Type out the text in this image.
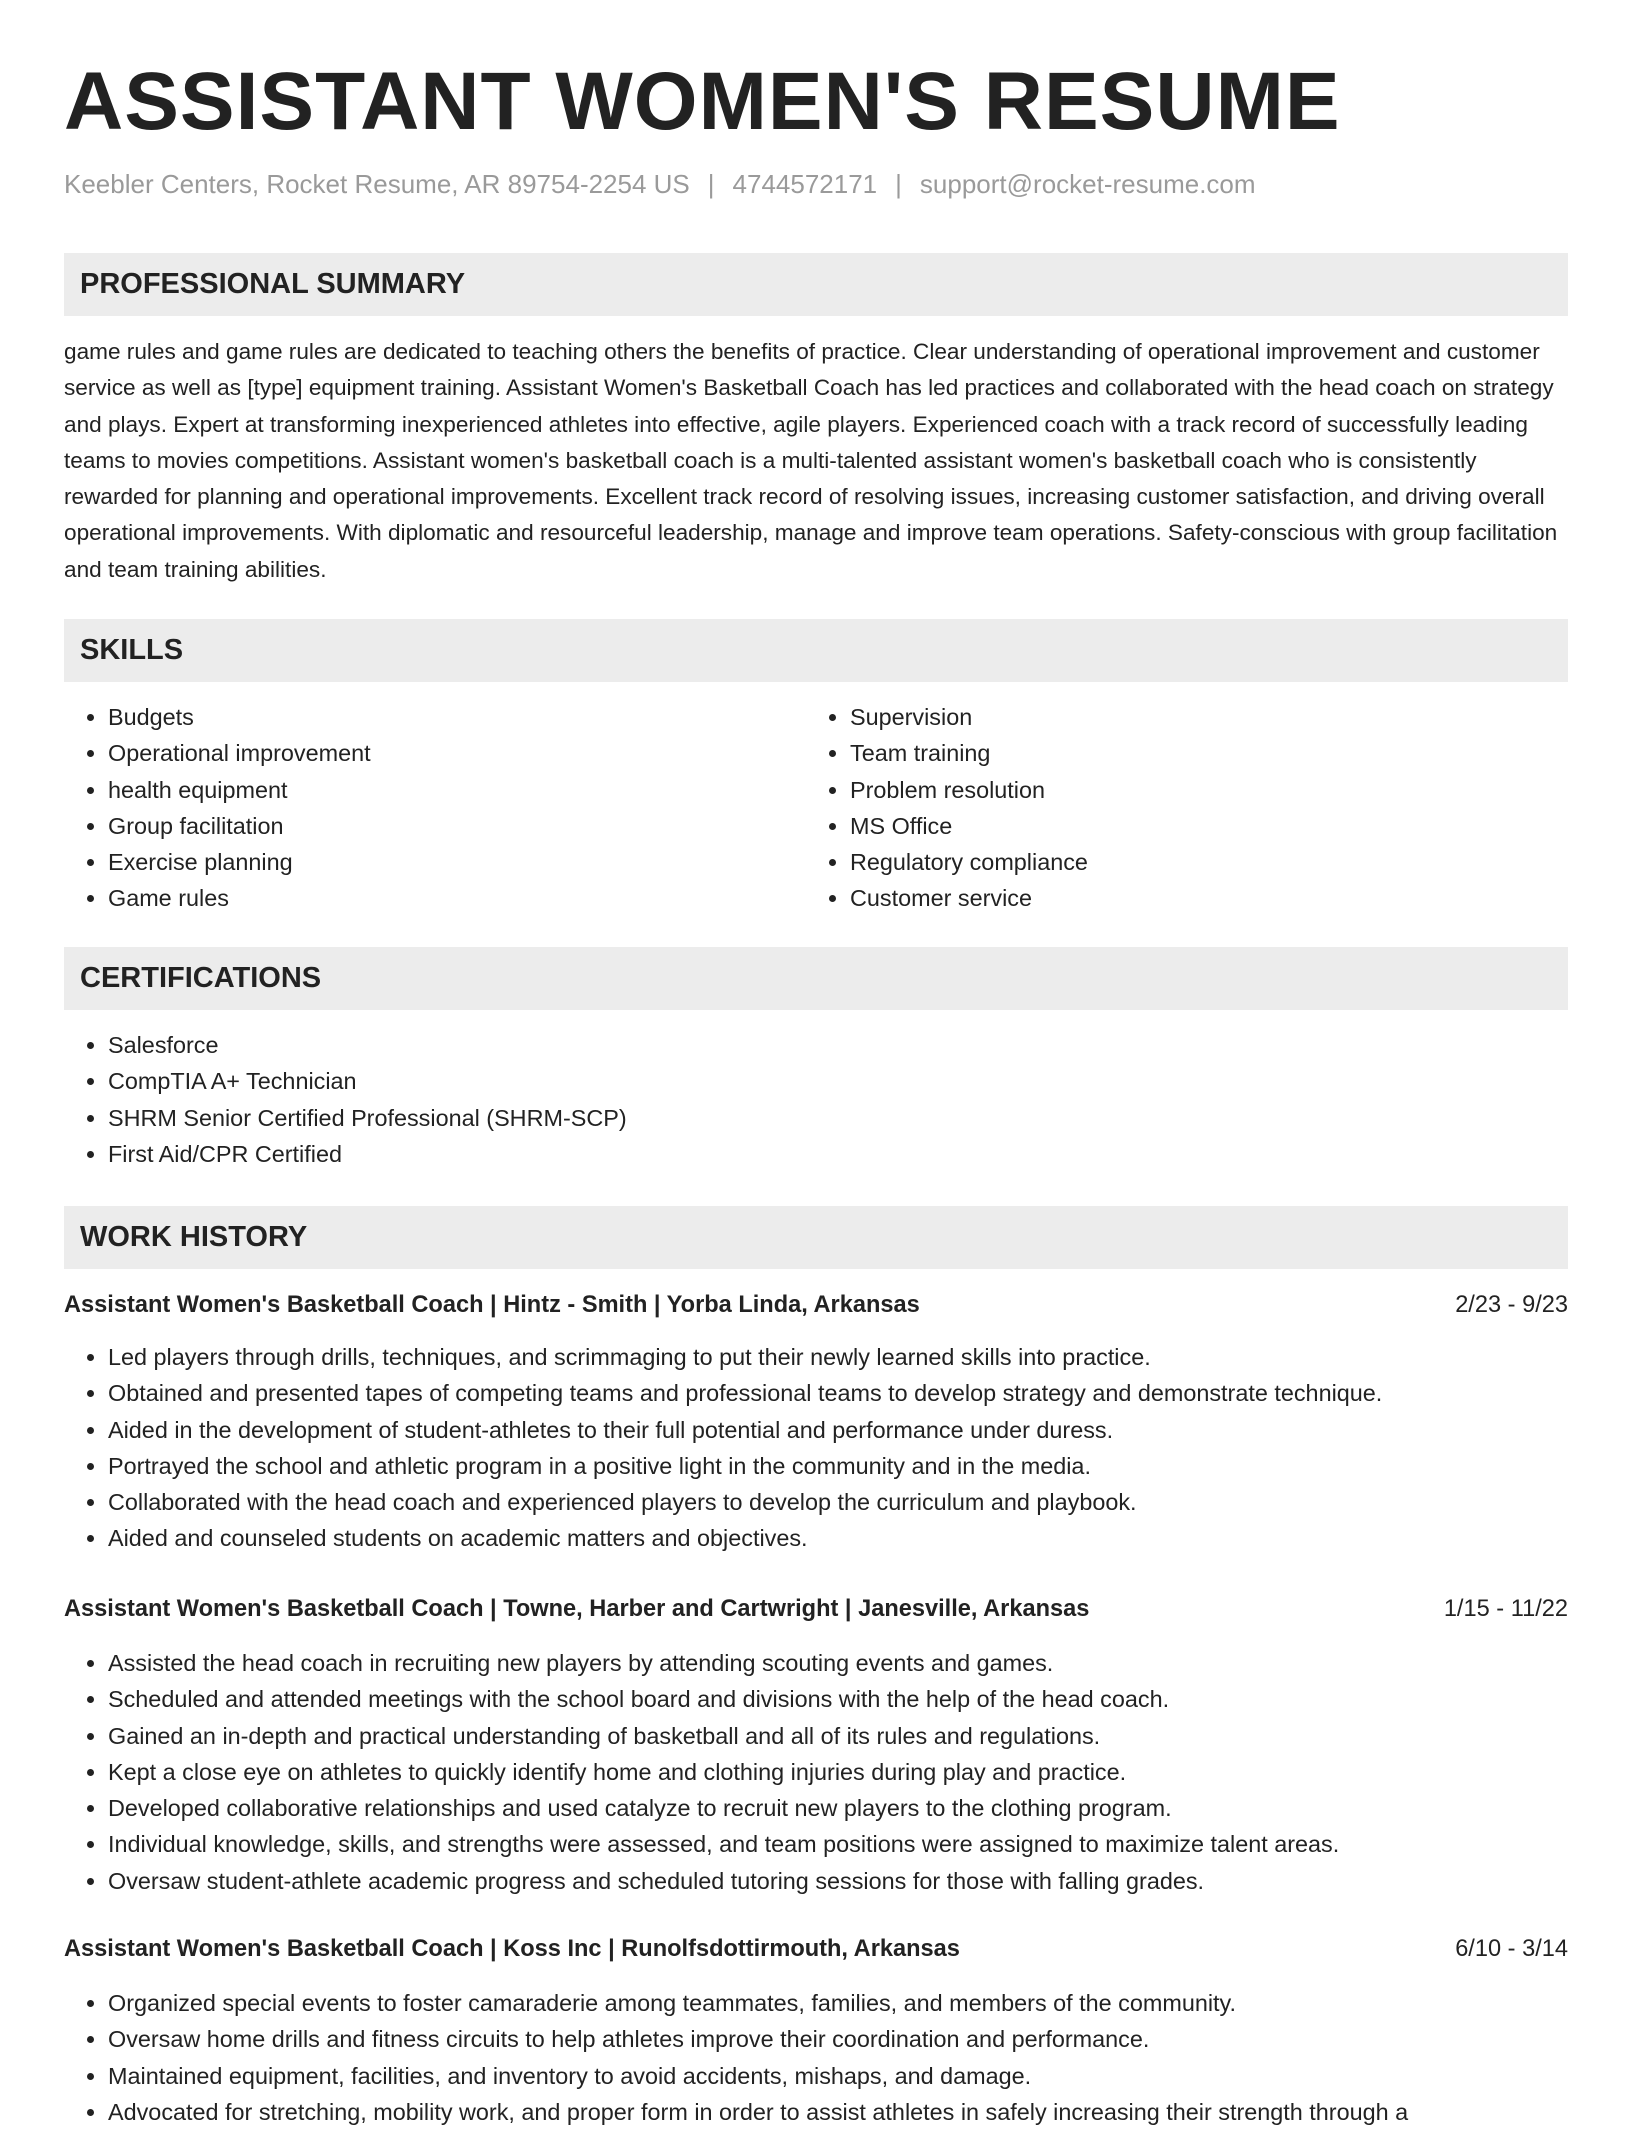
ASSISTANT WOMEN'S RESUME
Keebler Centers, Rocket Resume, AR 89754-2254 US | 4744572171 | support@rocket-resume.com
PROFESSIONAL SUMMARY

game rules and game rules are dedicated to teaching others the benefits of practice. Clear understanding of operational improvement and customer service as well as [type] equipment training. Assistant Women's Basketball Coach has led practices and collaborated with the head coach on strategy and plays. Expert at transforming inexperienced athletes into effective, agile players. Experienced coach with a track record of successfully leading teams to movies competitions. Assistant women's basketball coach is a multi-talented assistant women's basketball coach who is consistently rewarded for planning and operational improvements. Excellent track record of resolving issues, increasing customer satisfaction, and driving overall operational improvements. With diplomatic and resourceful leadership, manage and improve team operations. Safety-conscious with group facilitation and team training abilities.

SKILLS
• Budgets
• Operational improvement
• health equipment
• Group facilitation
• Exercise planning
• Game rules
• Supervision
• Team training
• Problem resolution
• MS Office
• Regulatory compliance
• Customer service
CERTIFICATIONS
• Salesforce
• CompTIA A+ Technician
• SHRM Senior Certified Professional (SHRM-SCP)
• First Aid/CPR Certified
WORK HISTORY
Assistant Women's Basketball Coach | Hintz - Smith | Yorba Linda, Arkansas	2/23 - 9/23
• Led players through drills, techniques, and scrimmaging to put their newly learned skills into practice.
• Obtained and presented tapes of competing teams and professional teams to develop strategy and demonstrate technique.
• Aided in the development of student-athletes to their full potential and performance under duress.
• Portrayed the school and athletic program in a positive light in the community and in the media.
• Collaborated with the head coach and experienced players to develop the curriculum and playbook.
• Aided and counseled students on academic matters and objectives.
Assistant Women's Basketball Coach | Towne, Harber and Cartwright | Janesville, Arkansas	1/15 - 11/22
• Assisted the head coach in recruiting new players by attending scouting events and games.
• Scheduled and attended meetings with the school board and divisions with the help of the head coach.
• Gained an in-depth and practical understanding of basketball and all of its rules and regulations.
• Kept a close eye on athletes to quickly identify home and clothing injuries during play and practice.
• Developed collaborative relationships and used catalyze to recruit new players to the clothing program.
• Individual knowledge, skills, and strengths were assessed, and team positions were assigned to maximize talent areas.
• Oversaw student-athlete academic progress and scheduled tutoring sessions for those with falling grades.
Assistant Women's Basketball Coach | Koss Inc | Runolfsdottirmouth, Arkansas	6/10 - 3/14
• Organized special events to foster camaraderie among teammates, families, and members of the community.
• Oversaw home drills and fitness circuits to help athletes improve their coordination and performance.
• Maintained equipment, facilities, and inventory to avoid accidents, mishaps, and damage.
• Advocated for stretching, mobility work, and proper form in order to assist athletes in safely increasing their strength through a
